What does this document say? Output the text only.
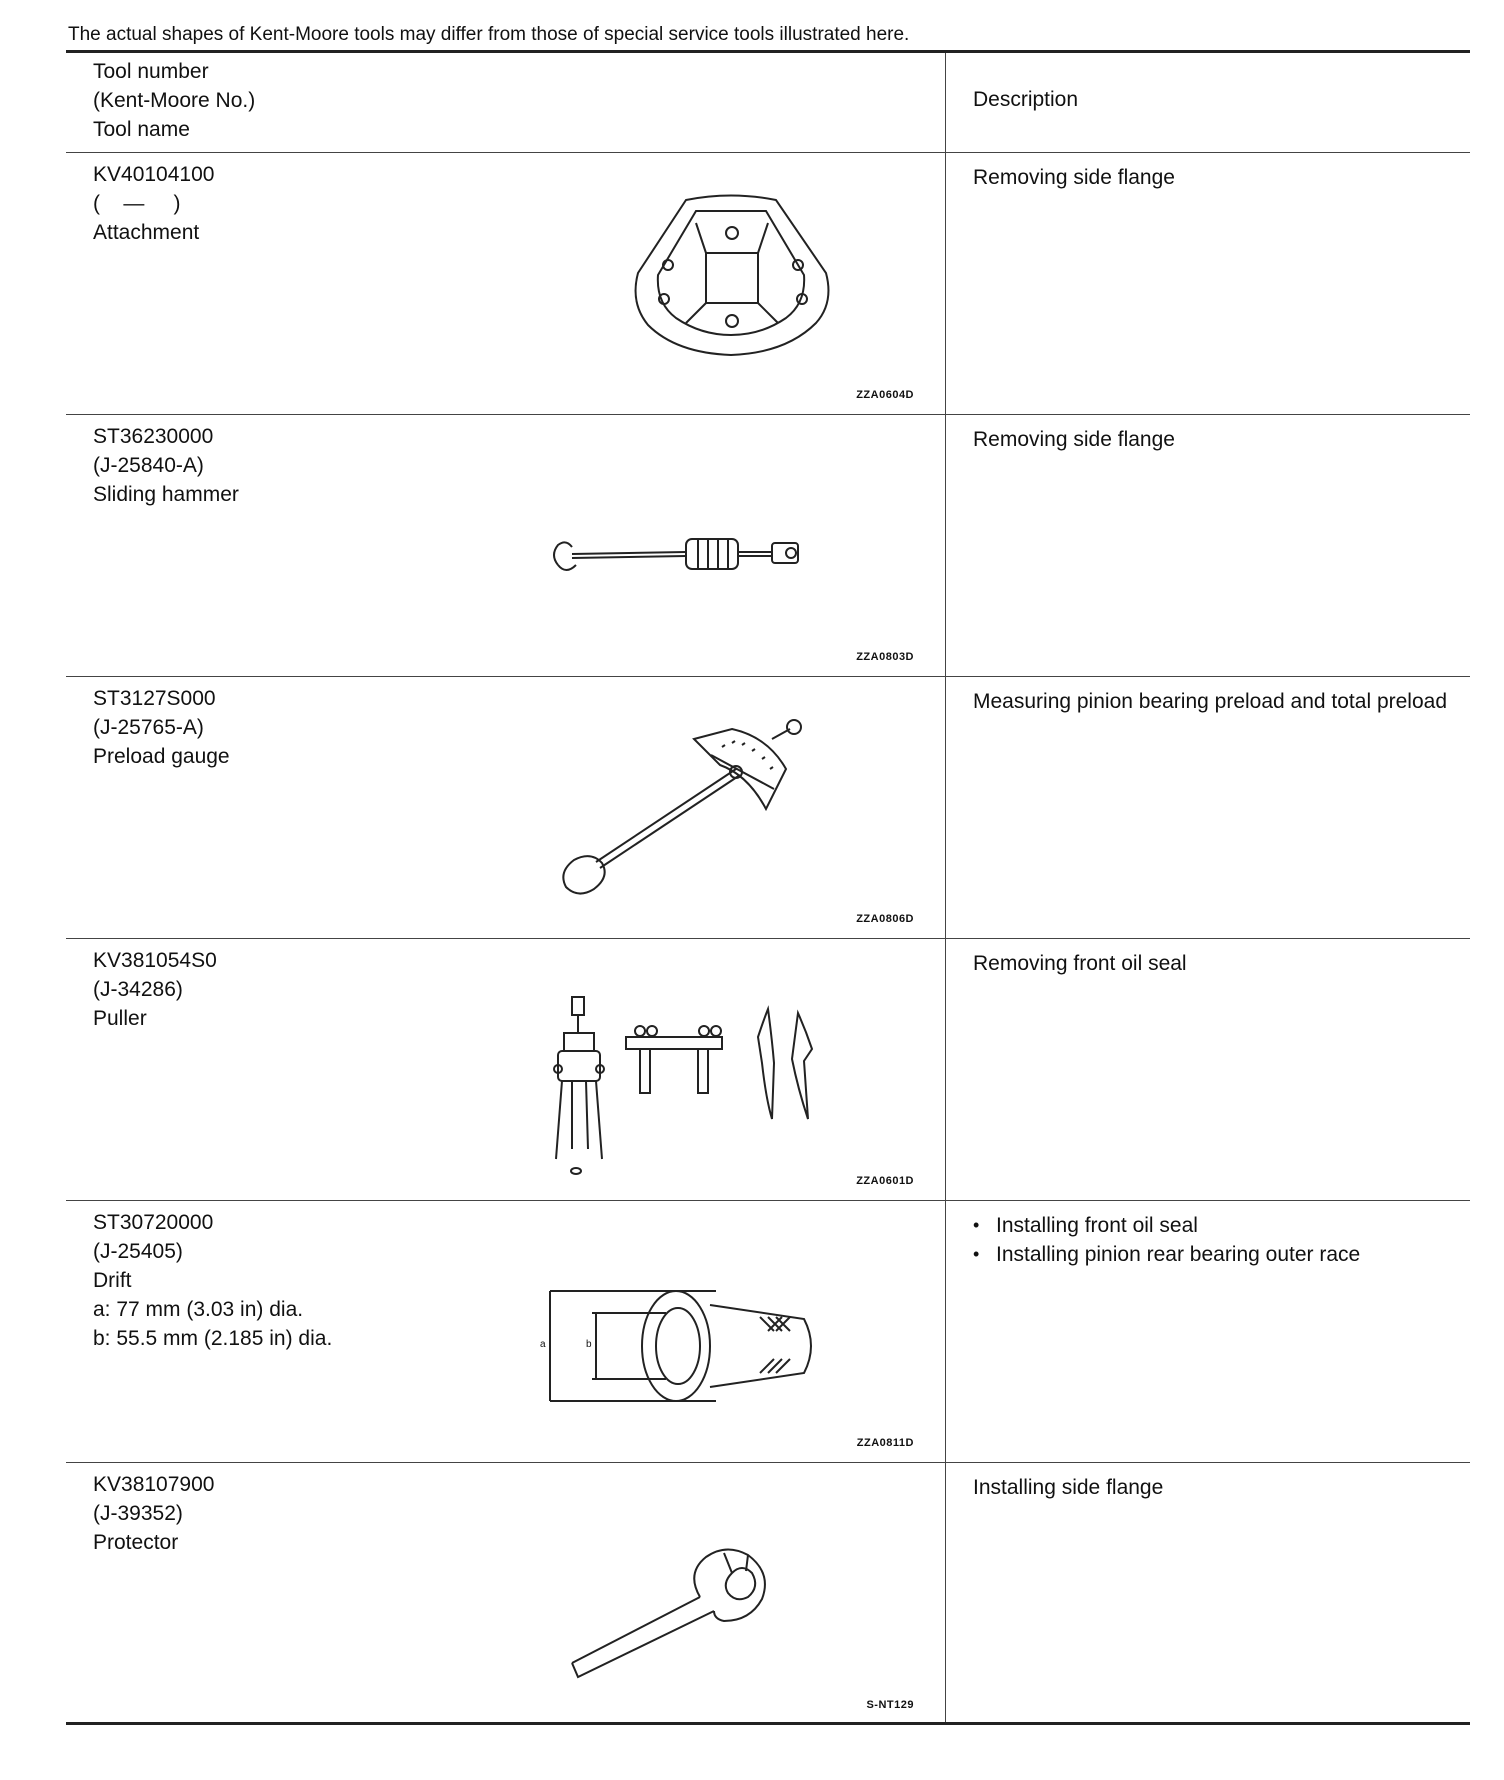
The actual shapes of Kent-Moore tools may differ from those of special service tools illustrated here.
Tool number
(Kent-Moore No.)
Tool name
Description
KV40104100
(    —     )
Attachment
ZZA0604D
Removing side flange
ST36230000
(J-25840-A)
Sliding hammer
ZZA0803D
Removing side flange
ST3127S000
(J-25765-A)
Preload gauge
ZZA0806D
Measuring pinion bearing preload and total preload
KV381054S0
(J-34286)
Puller
ZZA0601D
Removing front oil seal
ST30720000
(J-25405)
Drift
a: 77 mm (3.03 in) dia.
b: 55.5 mm (2.185 in) dia.	a	b
ZZA0811D
• Installing front oil seal
• Installing pinion rear bearing outer race
KV38107900
(J-39352)
Protector
S-NT129
Installing side flange
